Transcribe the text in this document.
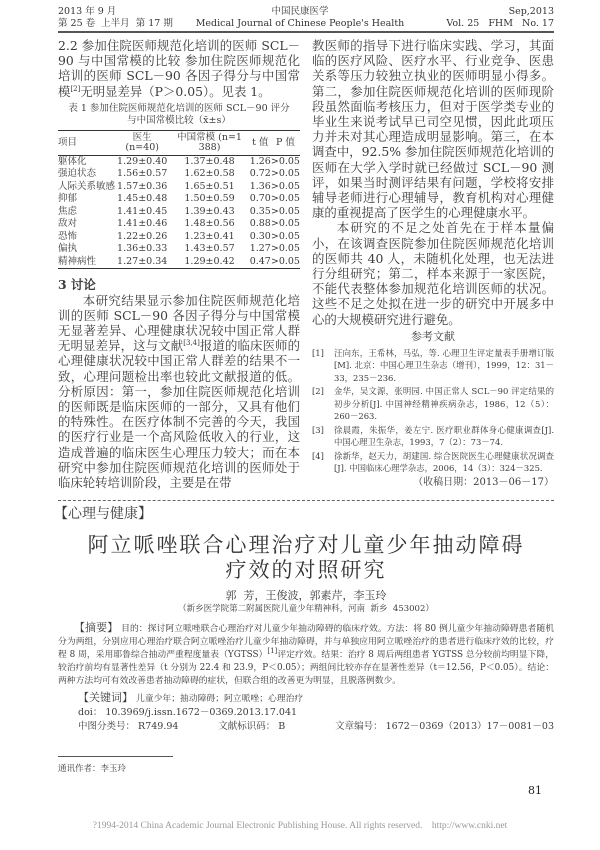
2013 年 9 月
第 25 卷  上半月  第 17 期
中国民康医学
Medical Journal of Chinese People's Health
Sep,2013
Vol. 25   FHM   No. 17

2.2 参加住院医师规范化培训的医师 SCL－90 与中国常模的比较 参加住院医师规范化培训的医师 SCL－90 各因子得分与中国常模[2]无明显差异（P＞0.05）。见表 1。

表 1 参加住院医师规范化培训的医师 SCL－90 评分
与中国常模比较（x̄±s）
项目	医生 (n=40)	中国常模 (n=1 388)	t 值	P 值
躯体化	1.29±0.40	1.37±0.48	1.26	>0.05
强迫状态	1.56±0.57	1.62±0.58	0.72	>0.05
人际关系敏感	1.57±0.36	1.65±0.51	1.36	>0.05
抑郁	1.45±0.48	1.50±0.59	0.70	>0.05
焦虑	1.41±0.45	1.39±0.43	0.35	>0.05
敌对	1.41±0.46	1.48±0.56	0.88	>0.05
恐怖	1.22±0.26	1.23±0.41	0.30	>0.05
偏执	1.36±0.33	1.43±0.57	1.27	>0.05
精神病性	1.27±0.34	1.29±0.42	0.47	>0.05

3 讨论

本研究结果显示参加住院医师规范化培训的医师 SCL－90 各因子得分与中国常模无显著差异、心理健康状况较中国正常人群无明显差异，这与文献[3,4]报道的临床医师的心理健康状况较中国正常人群差的结果不一致，心理问题检出率也较此文献报道的低。分析原因：第一，参加住院医师规范化培训的医师既是临床医师的一部分，又具有他们的特殊性。在医疗体制不完善的今天，我国的医疗行业是一个高风险低收入的行业，这造成普遍的临床医生心理压力较大；而在本研究中参加住院医师规范化培训的医师处于临床轮转培训阶段，主要是在带

教医师的指导下进行临床实践、学习，其面临的医疗风险、医疗水平、行业竞争、医患关系等压力较独立执业的医师明显小得多。第二，参加住院医师规范化培训的医师现阶段虽然面临考核压力，但对于医学类专业的毕业生来说考试早已司空见惯，因此此项压力并未对其心理造成明显影响。第三，在本调查中，92.5% 参加住院医师规范化培训的医师在大学入学时就已经做过 SCL－90 测评，如果当时测评结果有问题，学校将安排辅导老师进行心理辅导，教育机构对心理健康的重视提高了医学生的心理健康水平。

本研究的不足之处首先在于样本量偏小，在该调查医院参加住院医师规范化培训的医师共 40 人，未随机化处理，也无法进行分组研究；第二，样本来源于一家医院，不能代表整体参加规范化培训医师的状况。这些不足之处拟在进一步的研究中开展多中心的大规模研究进行避免。

参考文献
[1]	汪向东，王希林，马弘，等. 心理卫生评定量表手册增订版[M]. 北京：中国心理卫生杂志（增刊），1999，12：31－33，235－236.
[2]	金华，吴文源，张明园. 中国正常人 SCL－90 评定结果的初步分析[J]. 中国神经精神疾病杂志，1986，12（5）：260－263.
[3]	徐晨霞，朱振华，姜左宁. 医疗职业群体身心健康调查[J]. 中国心理卫生杂志，1993，7（2）：73－74.
[4]	徐新华，赵天力，胡建国. 综合医院医生心理健康状况调查[J]. 中国临床心理学杂志，2006，14（3）：324－325.
（收稿日期：2013－06－17）
【心理与健康】
阿立哌唑联合心理治疗对儿童少年抽动障碍
疗效的对照研究
郭  芳，王俊波，郭素芹，李玉玲
（新乡医学院第二附属医院儿童少年精神科，河南  新乡  453002）
【摘要】 目的：探讨阿立哌唑联合心理治疗对儿童少年抽动障碍的临床疗效。方法：将 80 例儿童少年抽动障碍患者随机分为两组，分别应用心理治疗联合阿立哌唑治疗儿童少年抽动障碍，并与单独应用阿立哌唑治疗的患者进行临床疗效的比较，疗程 8 周，采用耶鲁综合抽动严重程度量表（YGTSS）[1]评定疗效。结果：治疗 8 周后两组患者 YGTSS 总分较前均明显下降，较治疗前均有显著性差异（t 分别为 22.4 和 23.9，P＜0.05）；两组间比较亦存在显著性差异（t＝12.56，P＜0.05）。结论：两种方法均可有效改善患者抽动障碍的症状，但联合组的改善更为明显，且脱落例数少。
【关键词】 儿童少年；抽动障碍；阿立哌唑；心理治疗
doi： 10.3969/j.issn.1672－0369.2013.17.041
中图分类号： R749.94	文献标识码： B	文章编号： 1672－0369（2013）17－0081－03
通讯作者：李玉玲
81
?1994-2014 China Academic Journal Electronic Publishing House. All rights reserved.    http://www.cnki.net
